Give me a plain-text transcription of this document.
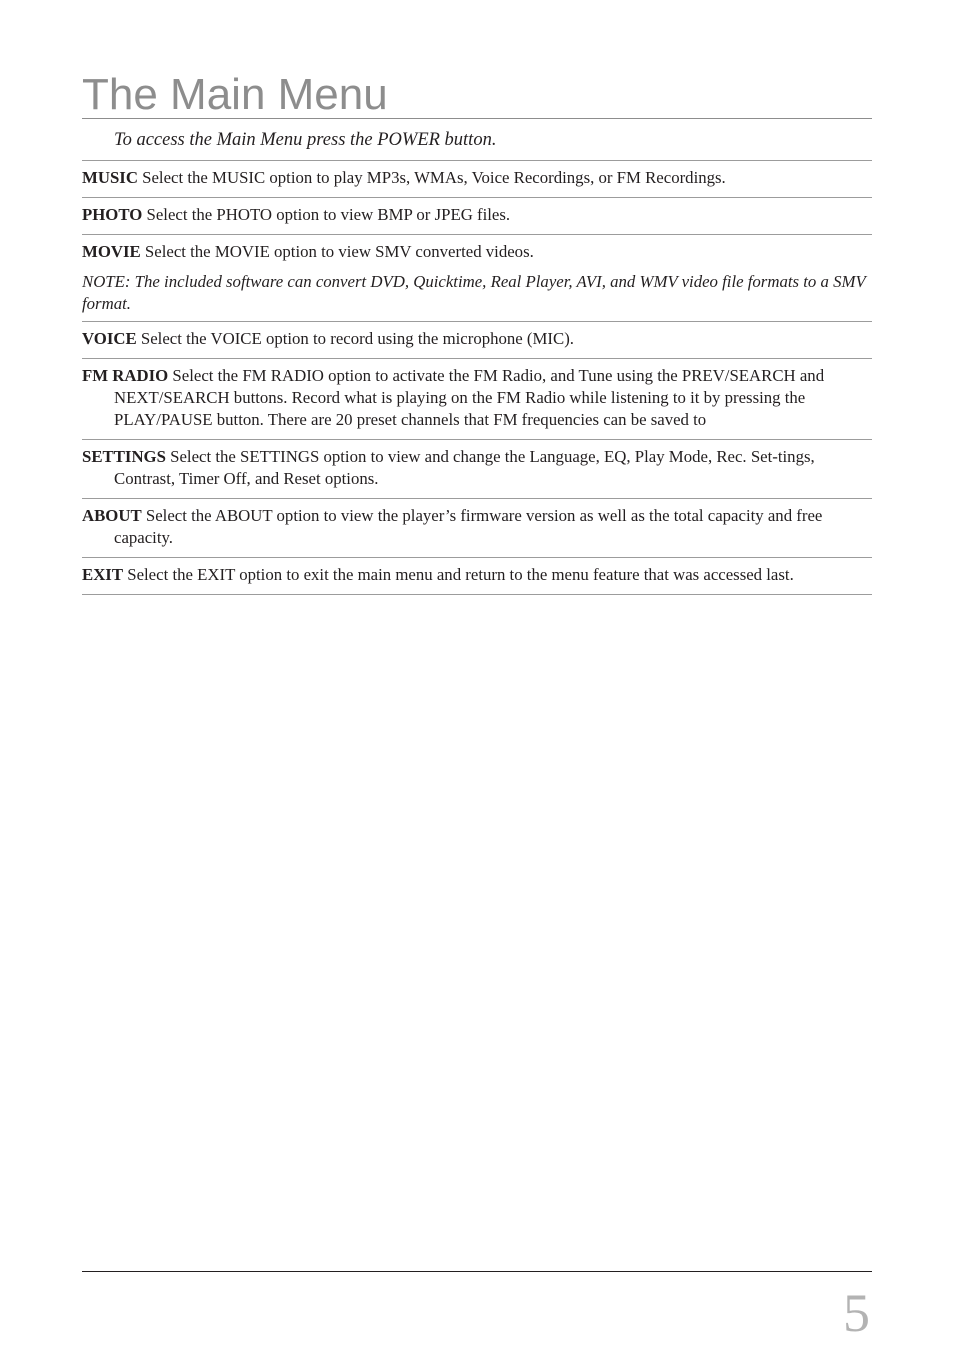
The Main Menu
To access the Main Menu press the POWER button.
MUSIC Select the MUSIC option to play MP3s, WMAs, Voice Recordings, or FM Recordings.
PHOTO Select the PHOTO option to view BMP or JPEG files.
MOVIE Select the MOVIE option to view SMV converted videos.
NOTE: The included software can convert DVD, Quicktime, Real Player, AVI, and WMV video file formats to a SMV format.
VOICE Select the VOICE option to record using the microphone (MIC).
FM RADIO Select the FM RADIO option to activate the FM Radio, and Tune using the PREV/SEARCH and NEXT/SEARCH buttons. Record what is playing on the FM Radio while listening to it by pressing the PLAY/PAUSE button. There are 20 preset channels that FM frequencies can be saved to
SETTINGS Select the SETTINGS option to view and change the Language, EQ, Play Mode, Rec. Set-tings, Contrast, Timer Off, and Reset options.
ABOUT Select the ABOUT option to view the player’s firmware version as well as the total capacity and free capacity.
EXIT Select the EXIT option to exit the main menu and return to the menu feature that was accessed last.
5
